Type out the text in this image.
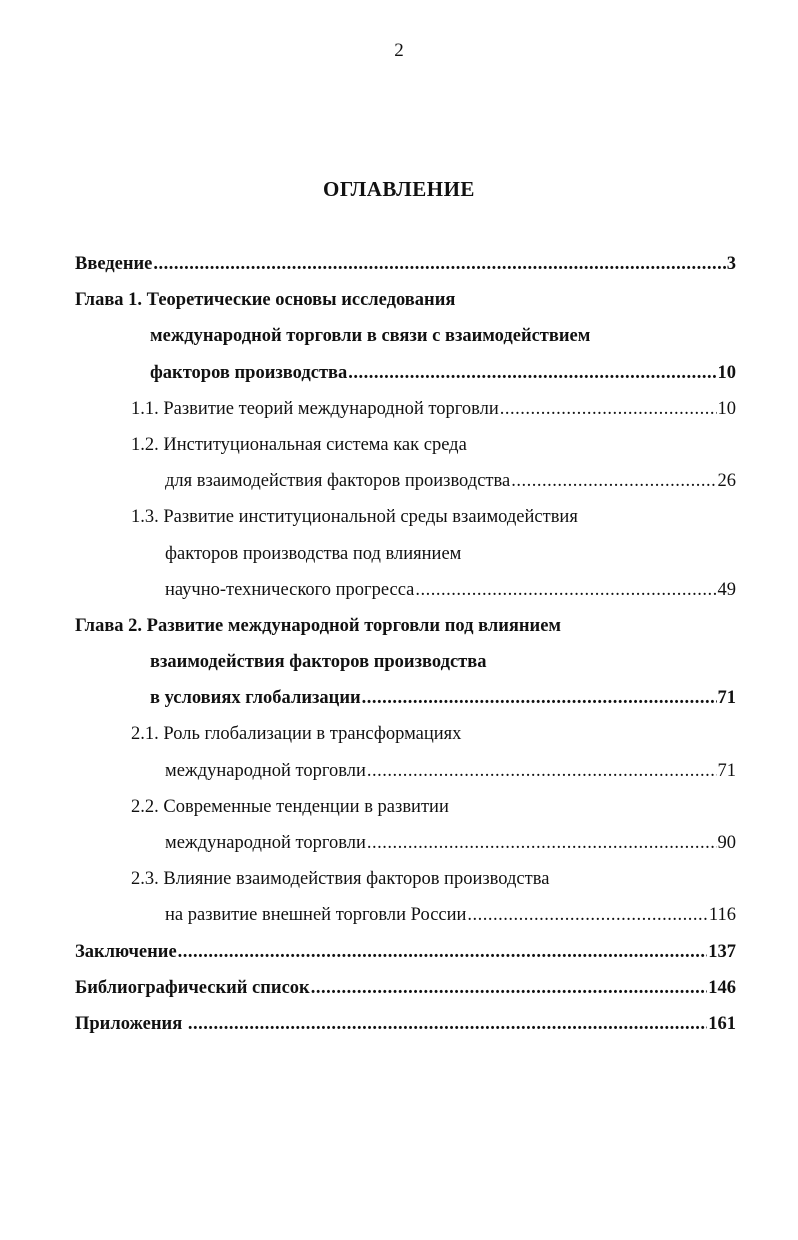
2
ОГЛАВЛЕНИЕ
Введение .....	3
Глава 1. Теоретические основы исследования
международной торговли в связи с взаимодействием
факторов производства .....	10
1.1. Развитие теорий международной торговли .....	10
1.2. Институциональная система как среда
для взаимодействия факторов производства .....	26
1.3. Развитие институциональной среды взаимодействия
факторов производства под влиянием
научно-технического прогресса .....	49
Глава 2. Развитие международной торговли под влиянием
взаимодействия факторов производства
в условиях глобализации .....	71
2.1. Роль глобализации в трансформациях
международной торговли .....	71
2.2. Современные тенденции в развитии
международной торговли .....	90
2.3. Влияние взаимодействия факторов производства
на развитие внешней торговли России .....	116
Заключение .....	137
Библиографический список .....	146
Приложения .....	161
